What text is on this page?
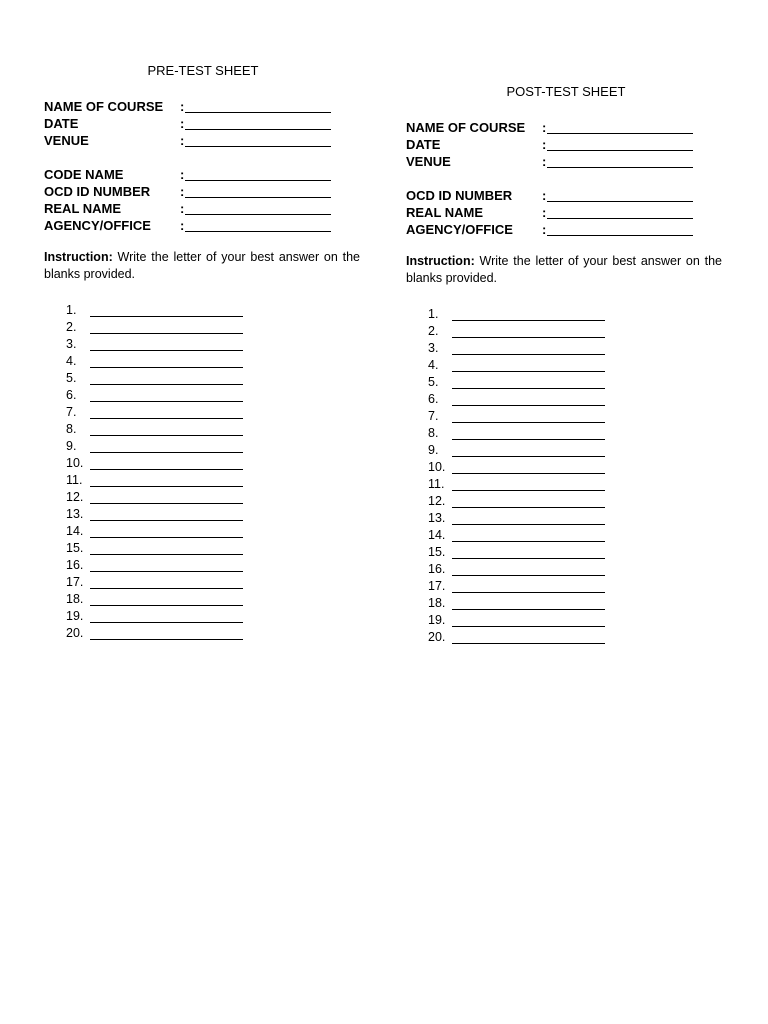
PRE-TEST SHEET
NAME OF COURSE	:
DATE	:
VENUE	:
CODE NAME	:
OCD ID NUMBER	:
REAL NAME	:
AGENCY/OFFICE	:
Instruction: Write the letter of your best answer on the blanks provided.
1.
2.
3.
4.
5.
6.
7.
8.
9.
10.
11.
12.
13.
14.
15.
16.
17.
18.
19.
20.
POST-TEST SHEET
NAME OF COURSE	:
DATE	:
VENUE	:
OCD ID NUMBER	:
REAL NAME	:
AGENCY/OFFICE	:
Instruction: Write the letter of your best answer on the blanks provided.
1.
2.
3.
4.
5.
6.
7.
8.
9.
10.
11.
12.
13.
14.
15.
16.
17.
18.
19.
20.
